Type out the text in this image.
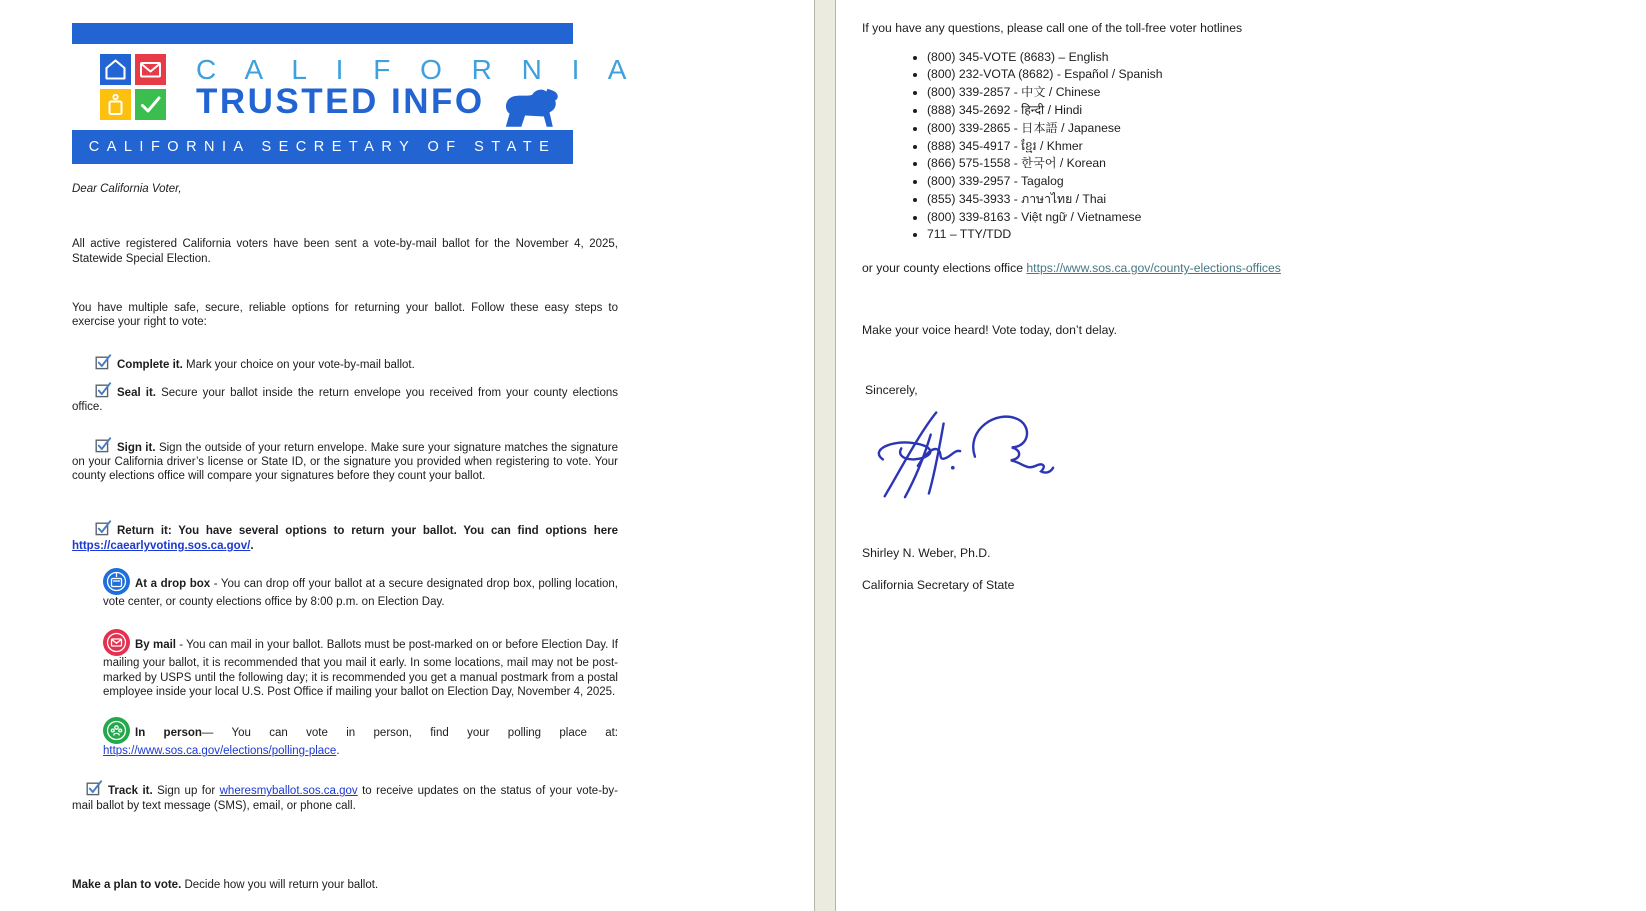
C A L I F O R N I A
TRUSTED INFO
CALIFORNIA SECRETARY OF STATE

Dear California Voter,

All active registered California voters have been sent a vote-by-mail ballot for the November 4, 2025, Statewide Special Election.

You have multiple safe, secure, reliable options for returning your ballot. Follow these easy steps to exercise your right to vote:

Complete it. Mark your choice on your vote-by-mail ballot.

Seal it. Secure your ballot inside the return envelope you received from your county elections office.

Sign it. Sign the outside of your return envelope. Make sure your signature matches the signature on your California driver’s license or State ID, or the signature you provided when registering to vote. Your county elections office will compare your signatures before they count your ballot.

Return it: You have several options to return your ballot. You can find options here https://caearlyvoting.sos.ca.gov/.

At a drop box - You can drop off your ballot at a secure designated drop box, polling location, vote center, or county elections office by 8:00 p.m. on Election Day.

By mail - You can mail in your ballot. Ballots must be post-marked on or before Election Day. If mailing your ballot, it is recommended that you mail it early. In some locations, mail may not be post-marked by USPS until the following day; it is recommended you get a manual postmark from a postal employee inside your local U.S. Post Office if mailing your ballot on Election Day, November 4, 2025.

In person— You can vote in person, find your polling place at: https://www.sos.ca.gov/elections/polling-place.

Track it. Sign up for wheresmyballot.sos.ca.gov to receive updates on the status of your vote-by-mail ballot by text message (SMS), email, or phone call.

Make a plan to vote. Decide how you will return your ballot.

If you have any questions, please call one of the toll-free voter hotlines

• (800) 345-VOTE (8683) – English
• (800) 232-VOTA (8682) - Español / Spanish
• (800) 339-2857 - 中文 / Chinese
• (888) 345-2692 - हिन्दी / Hindi
• (800) 339-2865 - 日本語 / Japanese
• (888) 345-4917 - ខ្មែរ / Khmer
• (866) 575-1558 - 한국어 / Korean
• (800) 339-2957 - Tagalog
• (855) 345-3933 - ภาษาไทย / Thai
• (800) 339-8163 - Việt ngữ / Vietnamese
• 711 – TTY/TDD

or your county elections office https://www.sos.ca.gov/county-elections-offices

Make your voice heard! Vote today, don’t delay.

Sincerely,

Shirley N. Weber, Ph.D.

California Secretary of State
